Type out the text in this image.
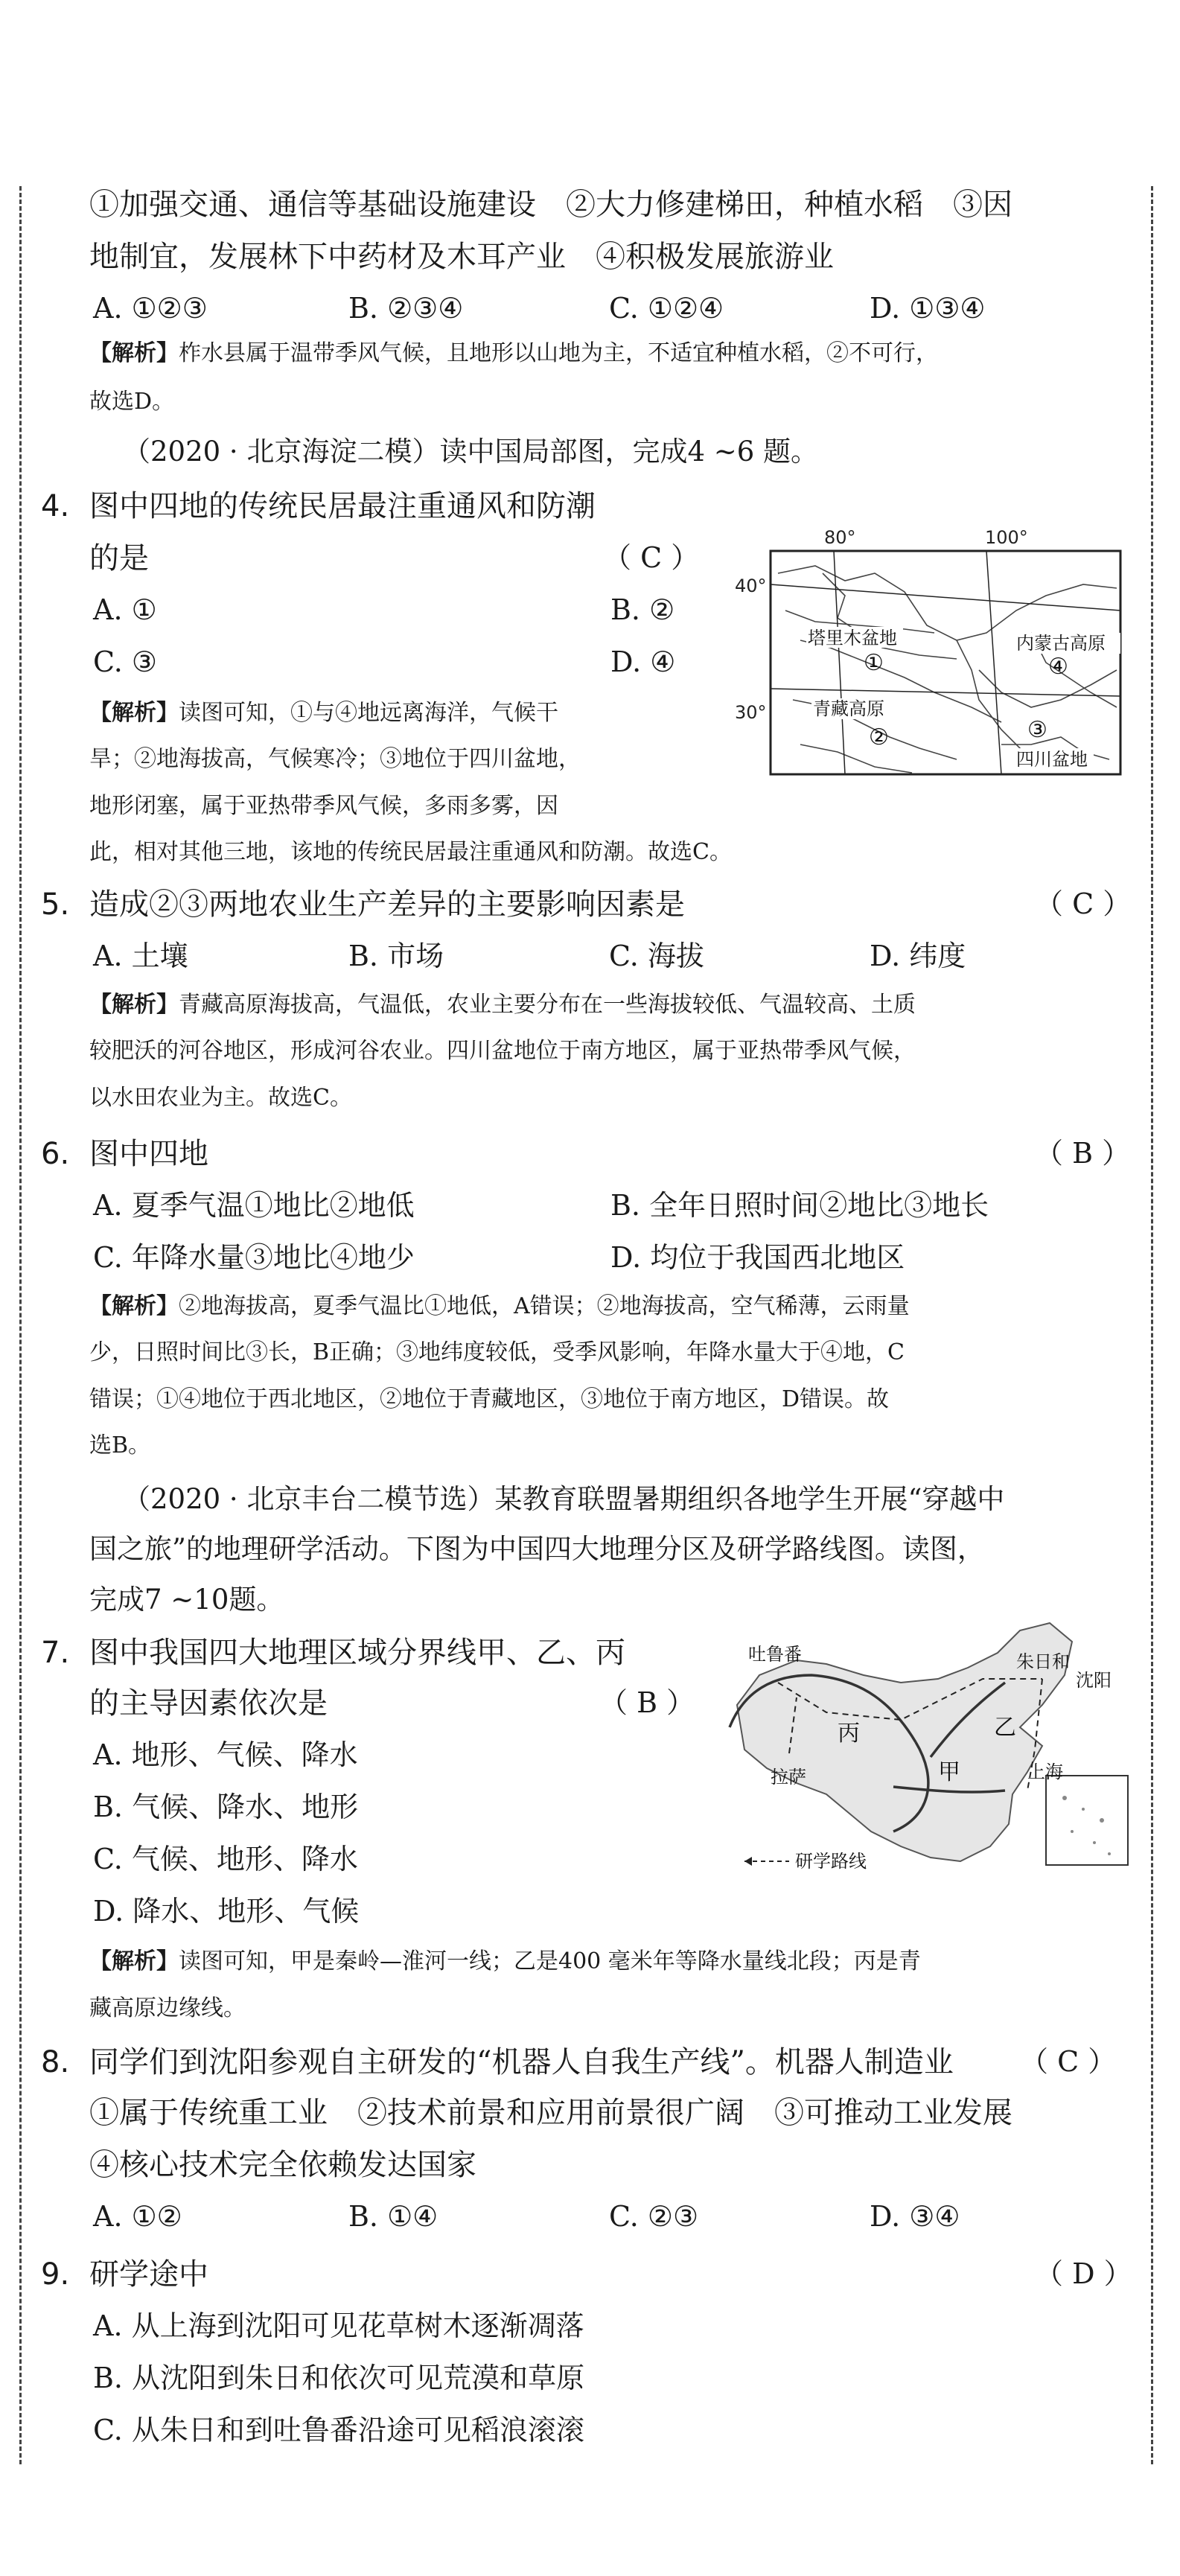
①加强交通、通信等基础设施建设　②大力修建梯田，种植水稻　③因
地制宜，发展林下中药材及木耳产业　④积极发展旅游业
A. ①②③	B. ②③④	C. ①②④	D. ①③④
【解析】柞水县属于温带季风气候，且地形以山地为主，不适宜种植水稻，②不可行，
故选D。
（2020 · 北京海淀二模）读中国局部图，完成4 ~6 题。
4. 图中四地的传统民居最注重通风和防潮
的是	（ C ）
A. ①	B. ②
C. ③	D. ④
【解析】读图可知，①与④地远离海洋，气候干
旱；②地海拔高，气候寒冷；③地位于四川盆地，
地形闭塞，属于亚热带季风气候，多雨多雾，因
此，相对其他三地，该地的传统民居最注重通风和防潮。故选C。
80°	100°
40°
30°
塔里木盆地
①
内蒙古高原
④
青藏高原
②	③
四川盆地
5. 造成②③两地农业生产差异的主要影响因素是	（ C ）
A. 土壤	B. 市场	C. 海拔	D. 纬度
【解析】青藏高原海拔高，气温低，农业主要分布在一些海拔较低、气温较高、土质
较肥沃的河谷地区，形成河谷农业。四川盆地位于南方地区，属于亚热带季风气候，
以水田农业为主。故选C。
6. 图中四地	（ B ）
A. 夏季气温①地比②地低	B. 全年日照时间②地比③地长
C. 年降水量③地比④地少	D. 均位于我国西北地区
【解析】②地海拔高，夏季气温比①地低，A错误；②地海拔高，空气稀薄，云雨量
少，日照时间比③长，B正确；③地纬度较低，受季风影响，年降水量大于④地，C
错误；①④地位于西北地区，②地位于青藏地区，③地位于南方地区，D错误。故
选B。
（2020 · 北京丰台二模节选）某教育联盟暑期组织各地学生开展“穿越中
国之旅”的地理研学活动。下图为中国四大地理分区及研学路线图。读图，
完成7 ~10题。
7. 图中我国四大地理区域分界线甲、乙、丙
的主导因素依次是	（ B ）
A. 地形、气候、降水
B. 气候、降水、地形
C. 气候、地形、降水
D. 降水、地形、气候
【解析】读图可知，甲是秦岭—淮河一线；乙是400 毫米年等降水量线北段；丙是青
藏高原边缘线。
吐鲁番	朱日和
沈阳
丙	乙
甲
拉萨	上海
研学路线
8. 同学们到沈阳参观自主研发的“机器人自我生产线”。机器人制造业 （ C ）
①属于传统重工业　②技术前景和应用前景很广阔　③可推动工业发展
④核心技术完全依赖发达国家
A. ①②	B. ①④	C. ②③	D. ③④
9. 研学途中	（ D ）
A. 从上海到沈阳可见花草树木逐渐凋落
B. 从沈阳到朱日和依次可见荒漠和草原
C. 从朱日和到吐鲁番沿途可见稻浪滚滚
